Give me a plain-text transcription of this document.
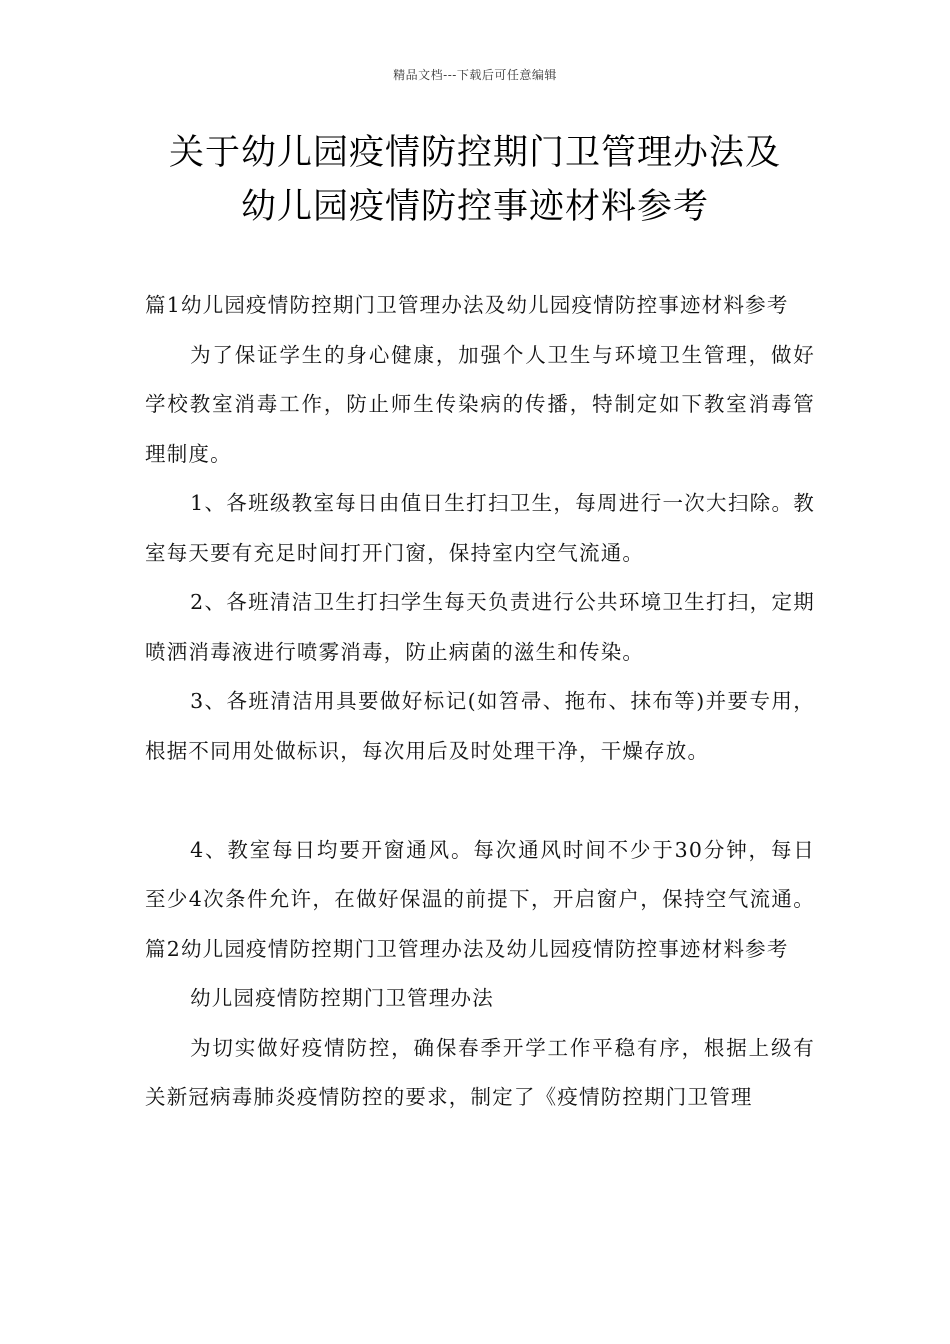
精品文档---下载后可任意编辑
关于幼儿园疫情防控期门卫管理办法及
幼儿园疫情防控事迹材料参考

篇1幼儿园疫情防控期门卫管理办法及幼儿园疫情防控事迹材料参考

为了保证学生的身心健康，加强个人卫生与环境卫生管理，做好学校教室消毒工作，防止师生传染病的传播，特制定如下教室消毒管理制度。

1、各班级教室每日由值日生打扫卫生，每周进行一次大扫除。教室每天要有充足时间打开门窗，保持室内空气流通。

2、各班清洁卫生打扫学生每天负责进行公共环境卫生打扫，定期喷洒消毒液进行喷雾消毒，防止病菌的滋生和传染。

3、各班清洁用具要做好标记(如笤帚、拖布、抹布等)并要专用，根据不同用处做标识，每次用后及时处理干净，干燥存放。

4、教室每日均要开窗通风。每次通风时间不少于30分钟，每日至少4次条件允许，在做好保温的前提下，开启窗户，保持空气流通。篇2幼儿园疫情防控期门卫管理办法及幼儿园疫情防控事迹材料参考

幼儿园疫情防控期门卫管理办法

为切实做好疫情防控，确保春季开学工作平稳有序，根据上级有关新冠病毒肺炎疫情防控的要求，制定了《疫情防控期门卫管理
